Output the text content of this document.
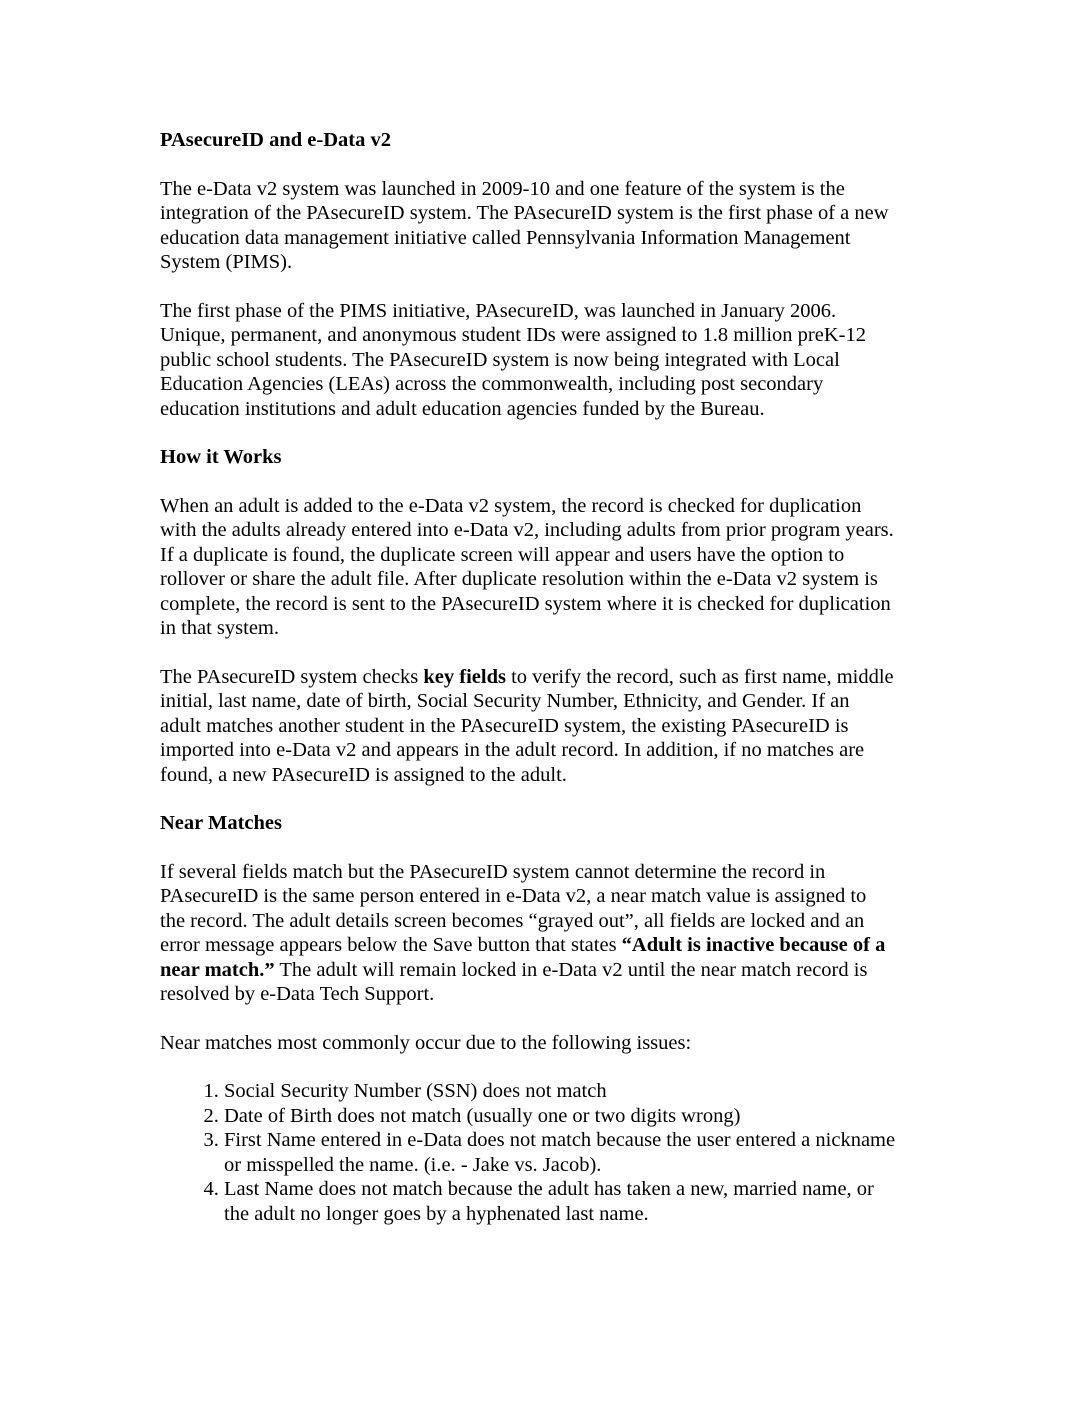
PAsecureID and e-Data v2
The e-Data v2 system was launched in 2009-10 and one feature of the system is the
integration of the PAsecureID system. The PAsecureID system is the first phase of a new
education data management initiative called Pennsylvania Information Management
System (PIMS).
The first phase of the PIMS initiative, PAsecureID, was launched in January 2006.
Unique, permanent, and anonymous student IDs were assigned to 1.8 million preK-12
public school students. The PAsecureID system is now being integrated with Local
Education Agencies (LEAs) across the commonwealth, including post secondary
education institutions and adult education agencies funded by the Bureau.
How it Works
When an adult is added to the e-Data v2 system, the record is checked for duplication
with the adults already entered into e-Data v2, including adults from prior program years.
If a duplicate is found, the duplicate screen will appear and users have the option to
rollover or share the adult file. After duplicate resolution within the e-Data v2 system is
complete, the record is sent to the PAsecureID system where it is checked for duplication
in that system.
The PAsecureID system checks key fields to verify the record, such as first name, middle
initial, last name, date of birth, Social Security Number, Ethnicity, and Gender. If an
adult matches another student in the PAsecureID system, the existing PAsecureID is
imported into e-Data v2 and appears in the adult record. In addition, if no matches are
found, a new PAsecureID is assigned to the adult.
Near Matches
If several fields match but the PAsecureID system cannot determine the record in
PAsecureID is the same person entered in e-Data v2, a near match value is assigned to
the record. The adult details screen becomes “grayed out”, all fields are locked and an
error message appears below the Save button that states “Adult is inactive because of a
near match.” The adult will remain locked in e-Data v2 until the near match record is
resolved by e-Data Tech Support.
Near matches most commonly occur due to the following issues:
1. Social Security Number (SSN) does not match
2. Date of Birth does not match (usually one or two digits wrong)
3. First Name entered in e-Data does not match because the user entered a nickname
or misspelled the name. (i.e. - Jake vs. Jacob).
4. Last Name does not match because the adult has taken a new, married name, or
the adult no longer goes by a hyphenated last name.
